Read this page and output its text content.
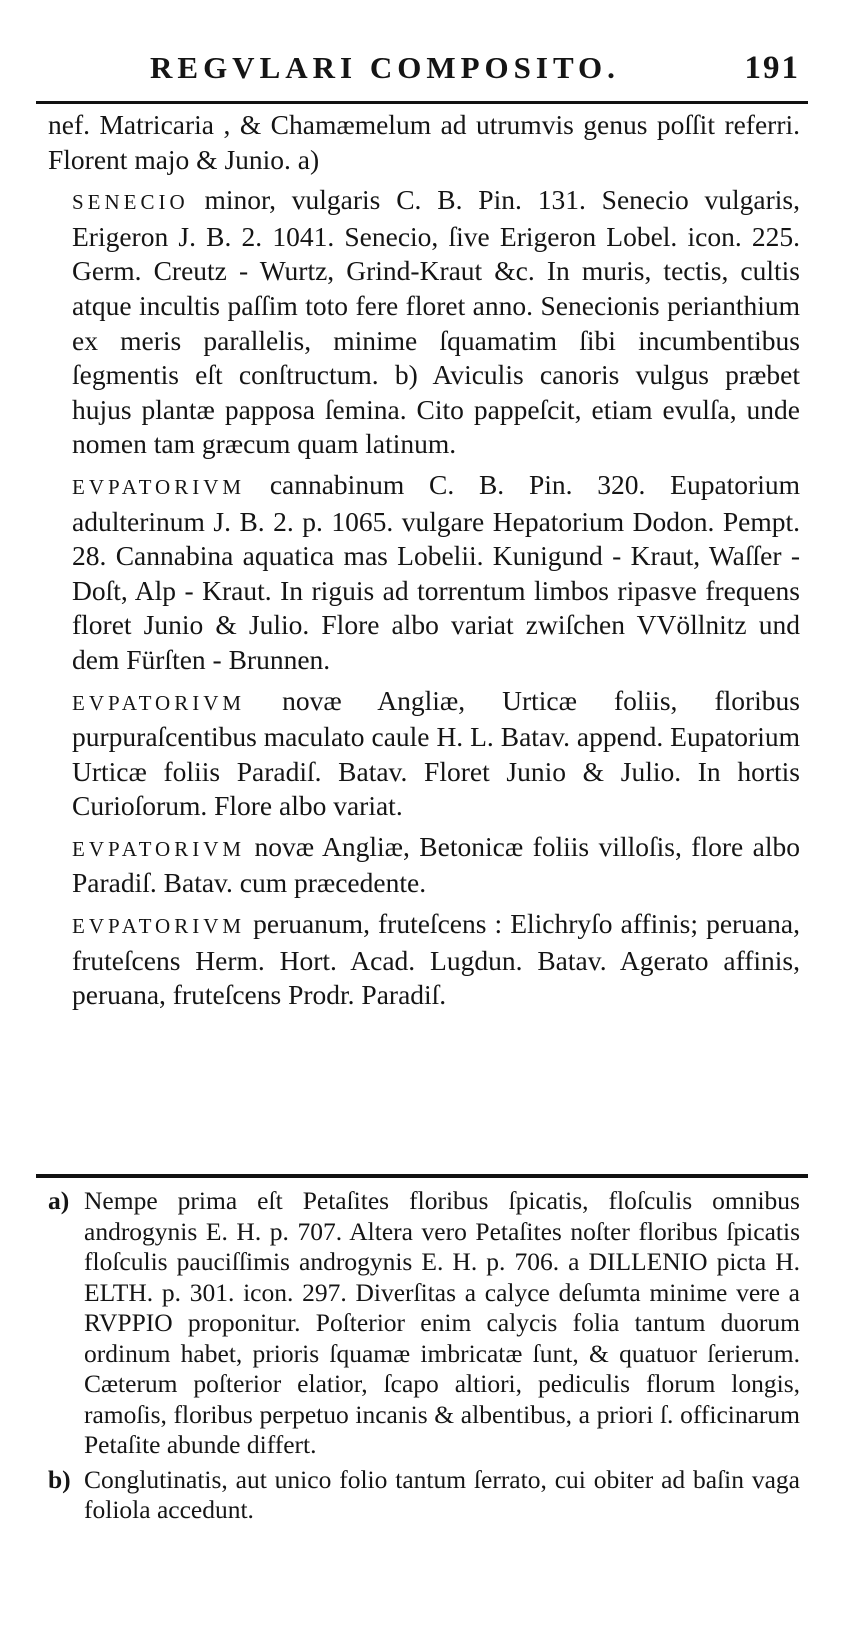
REGVLARI COMPOSITO.	191

nef. Matricaria , & Chamæmelum ad utrumvis genus poſſit referri. Florent majo & Junio. a)

SENECIO minor, vulgaris C. B. Pin. 131. Senecio vulgaris, Erigeron J. B. 2. 1041. Senecio, ſive Erigeron Lobel. icon. 225. Germ. Creutz - Wurtz, Grind-Kraut &c. In muris, tectis, cultis atque incultis paſſim toto fere floret anno. Senecionis perianthium ex meris parallelis, minime ſquamatim ſibi incumbentibus ſegmentis eſt conſtructum. b) Aviculis canoris vulgus præbet hujus plantæ papposa ſemina. Cito pappeſcit, etiam evulſa, unde nomen tam græcum quam latinum.

EVPATORIVM cannabinum C. B. Pin. 320. Eupatorium adulterinum J. B. 2. p. 1065. vulgare Hepatorium Dodon. Pempt. 28. Cannabina aquatica mas Lobelii. Kunigund - Kraut, Waſſer - Doſt, Alp - Kraut. In riguis ad torrentum limbos ripasve frequens floret Junio & Julio. Flore albo variat zwiſchen VVöllnitz und dem Fürſten - Brunnen.

EVPATORIVM novæ Angliæ, Urticæ foliis, floribus purpuraſcentibus maculato caule H. L. Batav. append. Eupatorium Urticæ foliis Paradiſ. Batav. Floret Junio & Julio. In hortis Curioſorum. Flore albo variat.

EVPATORIVM novæ Angliæ, Betonicæ foliis villoſis, flore albo Paradiſ. Batav. cum præcedente.

EVPATORIVM peruanum, fruteſcens : Elichryſo affinis; peruana, fruteſcens Herm. Hort. Acad. Lugdun. Batav. Agerato affinis, peruana, fruteſcens Prodr. Paradiſ.

a) Nempe prima eſt Petaſites floribus ſpicatis, floſculis omnibus androgynis E. H. p. 707. Altera vero Petaſites noſter floribus ſpicatis floſculis pauciſſimis androgynis E. H. p. 706. a DILLENIO picta H. ELTH. p. 301. icon. 297. Diverſitas a calyce deſumta minime vere a RVPPIO proponitur. Poſterior enim calycis folia tantum duorum ordinum habet, prioris ſquamæ imbricatæ ſunt, & quatuor ſerierum. Cæterum poſterior elatior, ſcapo altiori, pediculis florum longis, ramoſis, floribus perpetuo incanis & albentibus, a priori ſ. officinarum Petaſite abunde differt.

b) Conglutinatis, aut unico folio tantum ſerrato, cui obiter ad baſin vaga foliola accedunt.
